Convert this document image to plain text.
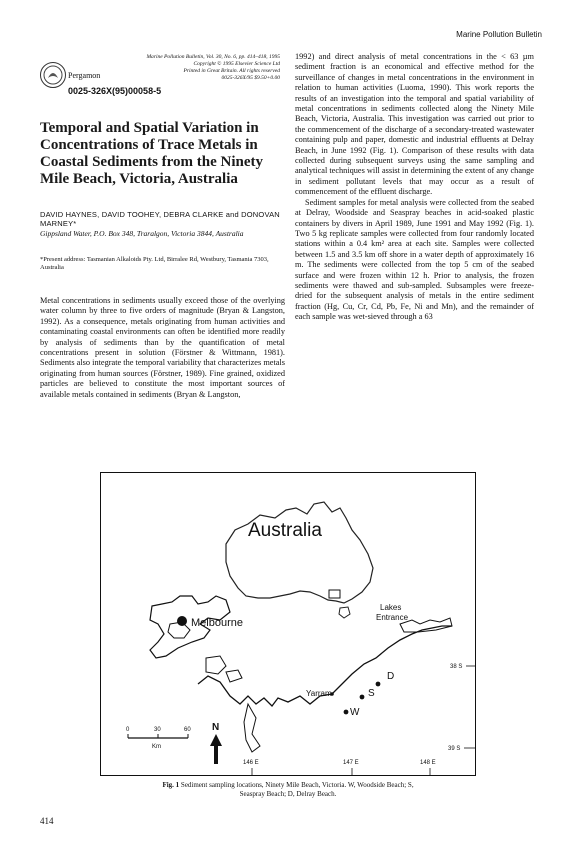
Marine Pollution Bulletin
Pergamon
Marine Pollution Bulletin, Vol. 30, No. 6, pp. 414–418, 1995
Copyright © 1995 Elsevier Science Ltd
Printed in Great Britain. All rights reserved
0025-326X/95 $9.50+0.00
0025-326X(95)00058-5
Temporal and Spatial Variation in Concentrations of Trace Metals in Coastal Sediments from the Ninety Mile Beach, Victoria, Australia
DAVID HAYNES, DAVID TOOHEY, DEBRA CLARKE and DONOVAN MARNEY*
Gippsland Water, P.O. Box 348, Traralgon, Victoria 3844, Australia
*Present address: Tasmanian Alkaloids Pty. Ltd, Birralee Rd, Westbury, Tasmania 7303, Australia

Metal concentrations in sediments usually exceed those of the overlying water column by three to five orders of magnitude (Bryan & Langston, 1992). As a consequence, metals originating from human activities and contaminating coastal environments can often be identified more readily by analysis of sediments than by the quantification of metal concentrations present in solution (Förstner & Wittmann, 1981). Sediments also integrate the temporal variability that characterizes metals originating from human sources (Förstner, 1989). Fine grained, oxidized particles are believed to constitute the most important sources of available metals contained in sediments (Bryan & Langston,

1992) and direct analysis of metal concentrations in the < 63 µm sediment fraction is an economical and effective method for the surveillance of changes in metal concentrations in the environment in relation to human activities (Luoma, 1990). This work reports the results of an investigation into the temporal and spatial variability of metal concentrations in sediments collected along the Ninety Mile Beach, Victoria, Australia. This investigation was carried out prior to the commencement of the discharge of a secondary-treated wastewater containing pulp and paper, domestic and industrial effluents at Delray Beach, in June 1992 (Fig. 1). Comparison of these results with data collected during subsequent surveys using the same sampling and analytical techniques will assist in determining the extent of any change in sediment pollutant levels that may occur as a result of commencement of the effluent discharge.

Sediment samples for metal analysis were collected from the seabed at Delray, Woodside and Seaspray beaches in acid-soaked plastic containers by divers in April 1989, June 1991 and May 1992 (Fig. 1). Two 5 kg replicate samples were collected from four randomly located stations within a 0.4 km² area at each site. Samples were collected between 1.5 and 3.5 km off shore in a water depth of approximately 16 m. The sediments were collected from the top 5 cm of the seabed surface and were frozen within 12 h. Prior to analysis, the frozen sediments were thawed and sub-sampled. Subsamples were freeze-dried for the subsequent analysis of metals in the entire sediment fraction (Hg, Cu, Cr, Cd, Pb, Fe, Ni and Mn), and the remainder of each sample was wet-sieved through a 63

Melbourne
Australia
Lakes
Entrance
Yarram
D
S
W
38 S
39 S
146 E	147 E	148 E
0	30	60
Km
N
Fig. 1 Sediment sampling locations, Ninety Mile Beach, Victoria. W, Woodside Beach; S, Seaspray Beach; D, Delray Beach.
414
